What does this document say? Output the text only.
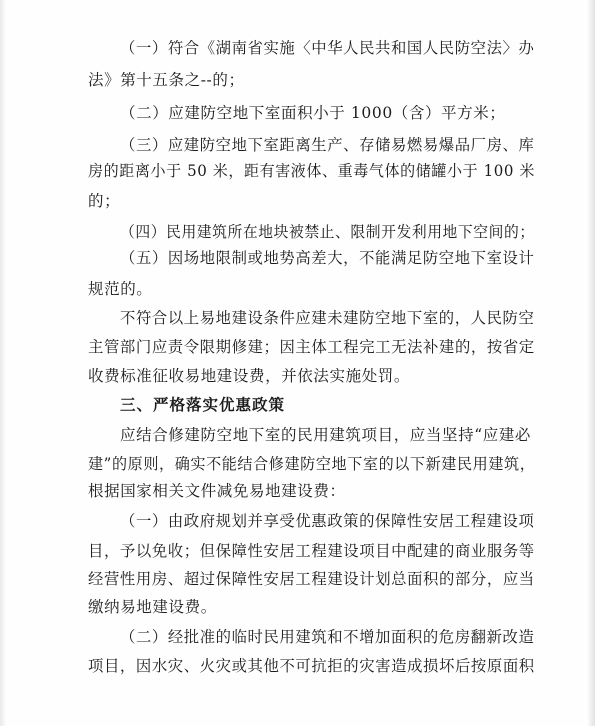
（一）符合《湖南省实施〈中华人民共和国人民防空法〉办
法》第十五条之--的；
（二）应建防空地下室面积小于 1000（含）平方米；
（三）应建防空地下室距离生产、存储易燃易爆品厂房、库
房的距离小于 50 米，距有害液体、重毒气体的储罐小于 100 米
的；
（四）民用建筑所在地块被禁止、限制开发利用地下空间的；
（五）因场地限制或地势高差大，不能满足防空地下室设计
规范的。
不符合以上易地建设条件应建未建防空地下室的，人民防空
主管部门应责令限期修建；因主体工程完工无法补建的，按省定
收费标准征收易地建设费，并依法实施处罚。
三、严格落实优惠政策
应结合修建防空地下室的民用建筑项目，应当坚持“应建必
建”的原则，确实不能结合修建防空地下室的以下新建民用建筑，
根据国家相关文件减免易地建设费：
（一）由政府规划并享受优惠政策的保障性安居工程建设项
目，予以免收；但保障性安居工程建设项目中配建的商业服务等
经营性用房、超过保障性安居工程建设计划总面积的部分，应当
缴纳易地建设费。
（二）经批准的临时民用建筑和不增加面积的危房翻新改造
项目，因水灾、火灾或其他不可抗拒的灾害造成损坏后按原面积
